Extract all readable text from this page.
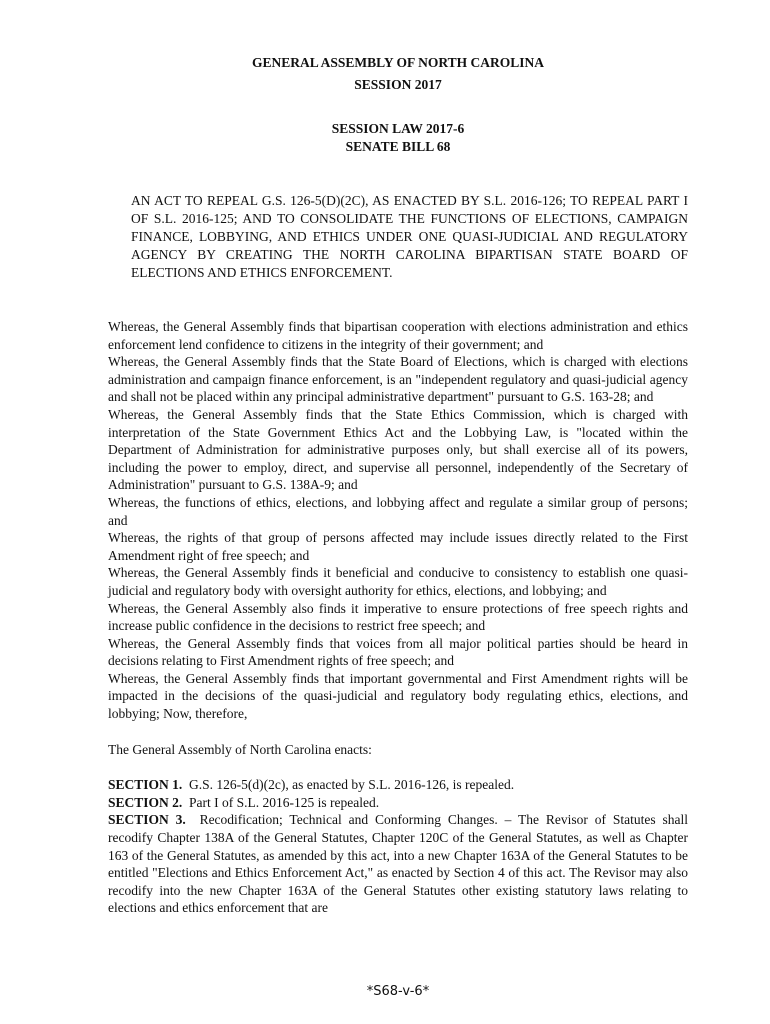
GENERAL ASSEMBLY OF NORTH CAROLINA
SESSION 2017
SESSION LAW 2017-6
SENATE BILL 68
AN ACT TO REPEAL G.S. 126-5(D)(2C), AS ENACTED BY S.L. 2016-126; TO REPEAL PART I OF S.L. 2016-125; AND TO CONSOLIDATE THE FUNCTIONS OF ELECTIONS, CAMPAIGN FINANCE, LOBBYING, AND ETHICS UNDER ONE QUASI-JUDICIAL AND REGULATORY AGENCY BY CREATING THE NORTH CAROLINA BIPARTISAN STATE BOARD OF ELECTIONS AND ETHICS ENFORCEMENT.

Whereas, the General Assembly finds that bipartisan cooperation with elections administration and ethics enforcement lend confidence to citizens in the integrity of their government; and

Whereas, the General Assembly finds that the State Board of Elections, which is charged with elections administration and campaign finance enforcement, is an "independent regulatory and quasi-judicial agency and shall not be placed within any principal administrative department" pursuant to G.S. 163-28; and

Whereas, the General Assembly finds that the State Ethics Commission, which is charged with interpretation of the State Government Ethics Act and the Lobbying Law, is "located within the Department of Administration for administrative purposes only, but shall exercise all of its powers, including the power to employ, direct, and supervise all personnel, independently of the Secretary of Administration" pursuant to G.S. 138A-9; and

Whereas, the functions of ethics, elections, and lobbying affect and regulate a similar group of persons; and

Whereas, the rights of that group of persons affected may include issues directly related to the First Amendment right of free speech; and

Whereas, the General Assembly finds it beneficial and conducive to consistency to establish one quasi-judicial and regulatory body with oversight authority for ethics, elections, and lobbying; and

Whereas, the General Assembly also finds it imperative to ensure protections of free speech rights and increase public confidence in the decisions to restrict free speech; and

Whereas, the General Assembly finds that voices from all major political parties should be heard in decisions relating to First Amendment rights of free speech; and

Whereas, the General Assembly finds that important governmental and First Amendment rights will be impacted in the decisions of the quasi-judicial and regulatory body regulating ethics, elections, and lobbying; Now, therefore,

The General Assembly of North Carolina enacts:

SECTION 1. G.S. 126-5(d)(2c), as enacted by S.L. 2016-126, is repealed.

SECTION 2. Part I of S.L. 2016-125 is repealed.

SECTION 3. Recodification; Technical and Conforming Changes. – The Revisor of Statutes shall recodify Chapter 138A of the General Statutes, Chapter 120C of the General Statutes, as well as Chapter 163 of the General Statutes, as amended by this act, into a new Chapter 163A of the General Statutes to be entitled "Elections and Ethics Enforcement Act," as enacted by Section 4 of this act. The Revisor may also recodify into the new Chapter 163A of the General Statutes other existing statutory laws relating to elections and ethics enforcement that are

*S68-v-6*
